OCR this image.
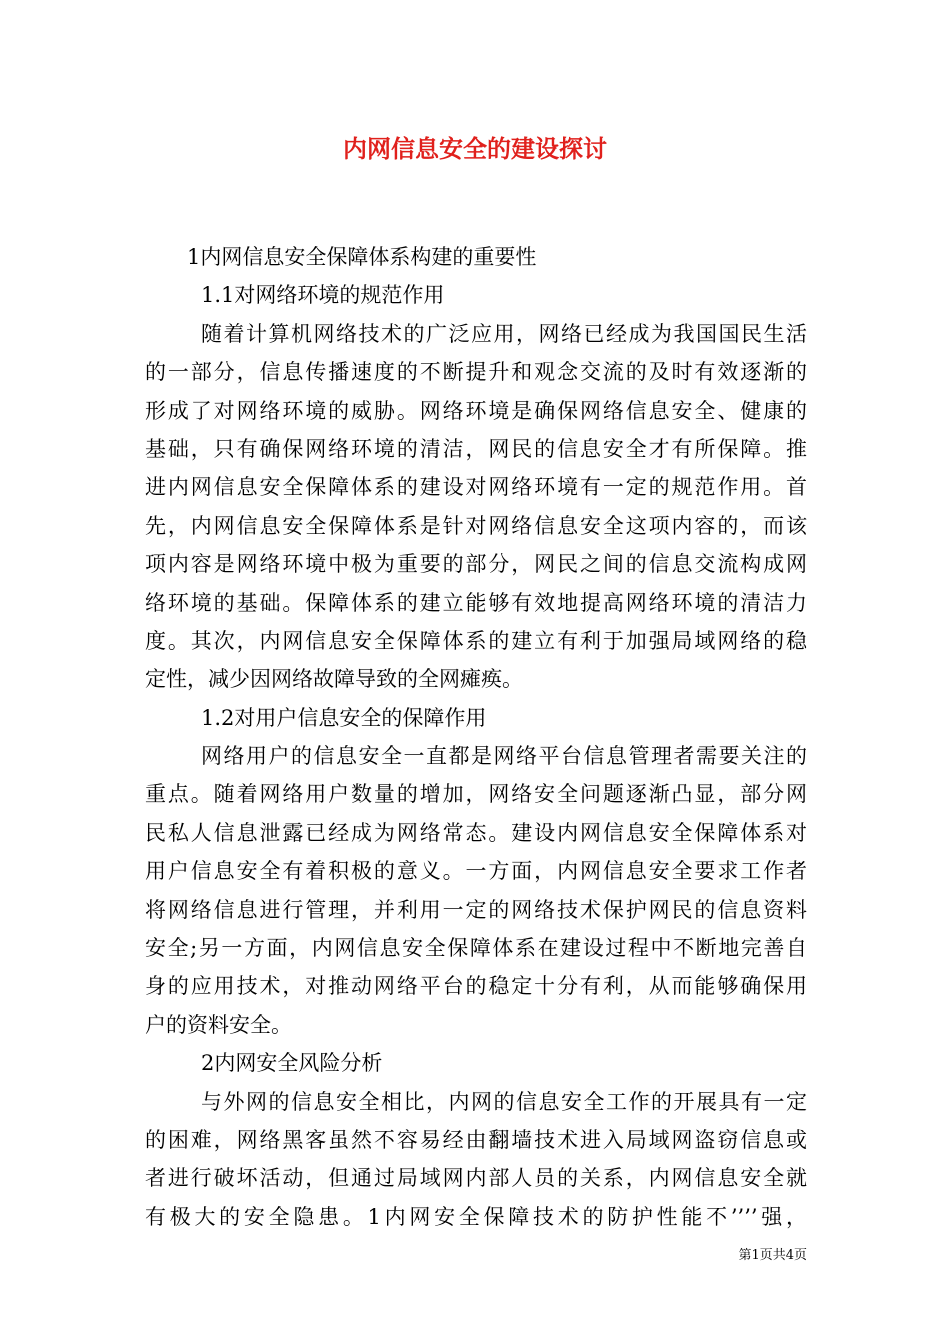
内网信息安全的建设探讨
1内网信息安全保障体系构建的重要性
1.1对网络环境的规范作用
随着计算机网络技术的广泛应用，网络已经成为我国国民生活
的一部分，信息传播速度的不断提升和观念交流的及时有效逐渐的
形成了对网络环境的威胁。网络环境是确保网络信息安全、健康的
基础，只有确保网络环境的清洁，网民的信息安全才有所保障。推
进内网信息安全保障体系的建设对网络环境有一定的规范作用。首
先，内网信息安全保障体系是针对网络信息安全这项内容的，而该
项内容是网络环境中极为重要的部分，网民之间的信息交流构成网
络环境的基础。保障体系的建立能够有效地提高网络环境的清洁力
度。其次，内网信息安全保障体系的建立有利于加强局域网络的稳
定性，减少因网络故障导致的全网瘫痪。
1.2对用户信息安全的保障作用
网络用户的信息安全一直都是网络平台信息管理者需要关注的
重点。随着网络用户数量的增加，网络安全问题逐渐凸显，部分网
民私人信息泄露已经成为网络常态。建设内网信息安全保障体系对
用户信息安全有着积极的意义。一方面，内网信息安全要求工作者
将网络信息进行管理，并利用一定的网络技术保护网民的信息资料
安全;另一方面，内网信息安全保障体系在建设过程中不断地完善自
身的应用技术，对推动网络平台的稳定十分有利，从而能够确保用
户的资料安全。
2内网安全风险分析
与外网的信息安全相比，内网的信息安全工作的开展具有一定
的困难，网络黑客虽然不容易经由翻墙技术进入局域网盗窃信息或
者进行破坏活动，但通过局域网内部人员的关系，内网信息安全就
有极大的安全隐患。1内网安全保障技术的防护性能不’’’’强，
第1页共4页
